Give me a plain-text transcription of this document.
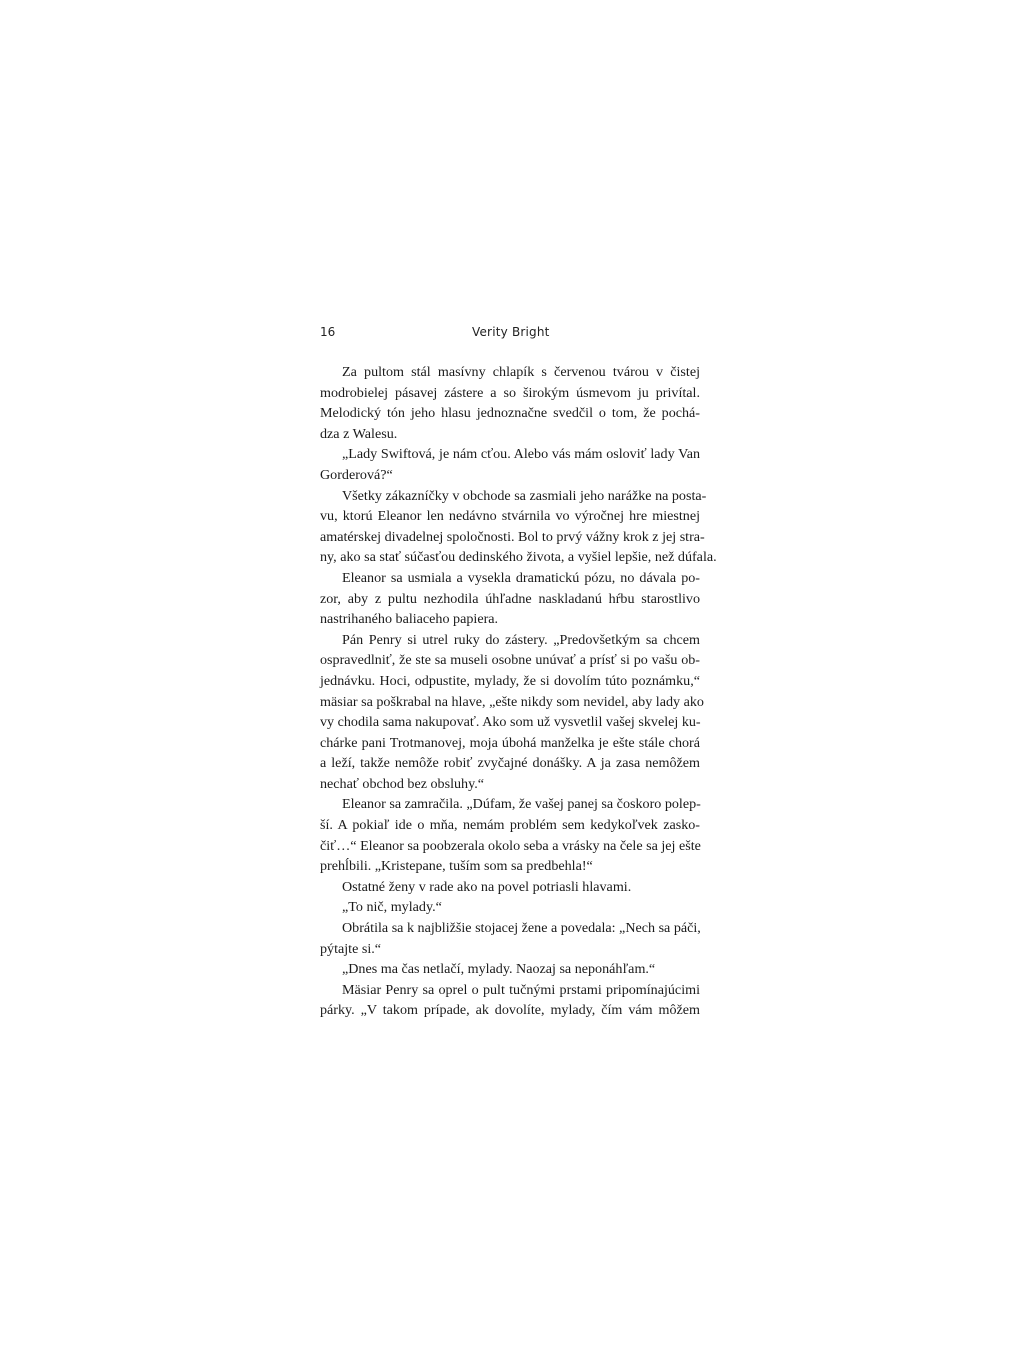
16	Verity Bright
Za pultom stál masívny chlapík s červenou tvárou v čistej
modrobielej pásavej zástere a so širokým úsmevom ju privítal.
Melodický tón jeho hlasu jednoznačne svedčil o tom, že pochá-
dza z Walesu.
„Lady Swiftová, je nám cťou. Alebo vás mám osloviť lady Van
Gorderová?“
Všetky zákazníčky v obchode sa zasmiali jeho narážke na posta-
vu, ktorú Eleanor len nedávno stvárnila vo výročnej hre miestnej
amatérskej divadelnej spoločnosti. Bol to prvý vážny krok z jej stra-
ny, ako sa stať súčasťou dedinského života, a vyšiel lepšie, než dúfala.
Eleanor sa usmiala a vysekla dramatickú pózu, no dávala po-
zor, aby z pultu nezhodila úhľadne naskladanú hŕbu starostlivo
nastrihaného baliaceho papiera.
Pán Penry si utrel ruky do zástery. „Predovšetkým sa chcem
ospravedlniť, že ste sa museli osobne unúvať a prísť si po vašu ob-
jednávku. Hoci, odpustite, mylady, že si dovolím túto poznámku,“
mäsiar sa poškrabal na hlave, „ešte nikdy som nevidel, aby lady ako
vy chodila sama nakupovať. Ako som už vysvetlil vašej skvelej ku-
chárke pani Trotmanovej, moja úbohá manželka je ešte stále chorá
a leží, takže nemôže robiť zvyčajné donášky. A ja zasa nemôžem
nechať obchod bez obsluhy.“
Eleanor sa zamračila. „Dúfam, že vašej panej sa čoskoro polep-
ší. A pokiaľ ide o mňa, nemám problém sem kedykoľvek zasko-
čiť…“ Eleanor sa poobzerala okolo seba a vrásky na čele sa jej ešte
prehĺbili. „Kristepane, tuším som sa predbehla!“
Ostatné ženy v rade ako na povel potriasli hlavami.
„To nič, mylady.“
Obrátila sa k najbližšie stojacej žene a povedala: „Nech sa páči,
pýtajte si.“
„Dnes ma čas netlačí, mylady. Naozaj sa neponáhľam.“
Mäsiar Penry sa oprel o pult tučnými prstami pripomínajúcimi
párky. „V takom prípade, ak dovolíte, mylady, čím vám môžem
